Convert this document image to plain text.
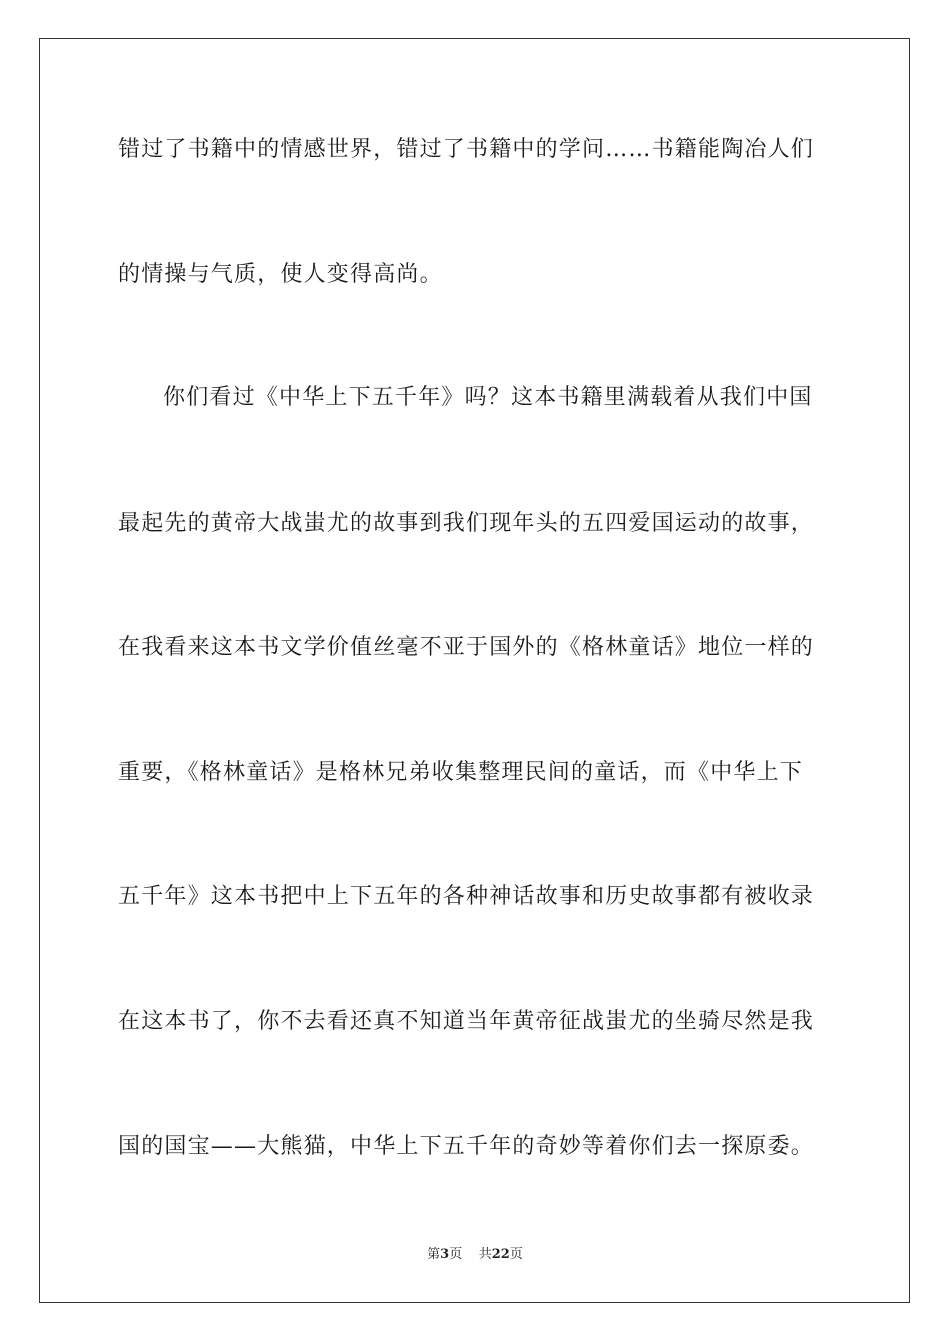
错过了书籍中的情感世界，错过了书籍中的学问……书籍能陶冶人们
的情操与气质，使人变得高尚。
你们看过《中华上下五千年》吗？这本书籍里满载着从我们中国
最起先的黄帝大战蚩尤的故事到我们现年头的五四爱国运动的故事，
在我看来这本书文学价值丝毫不亚于国外的《格林童话》地位一样的
重要，《格林童话》是格林兄弟收集整理民间的童话，而《中华上下
五千年》这本书把中上下五年的各种神话故事和历史故事都有被收录
在这本书了，你不去看还真不知道当年黄帝征战蚩尤的坐骑尽然是我
国的国宝——大熊猫，中华上下五千年的奇妙等着你们去一探原委。
第3页 共22页
